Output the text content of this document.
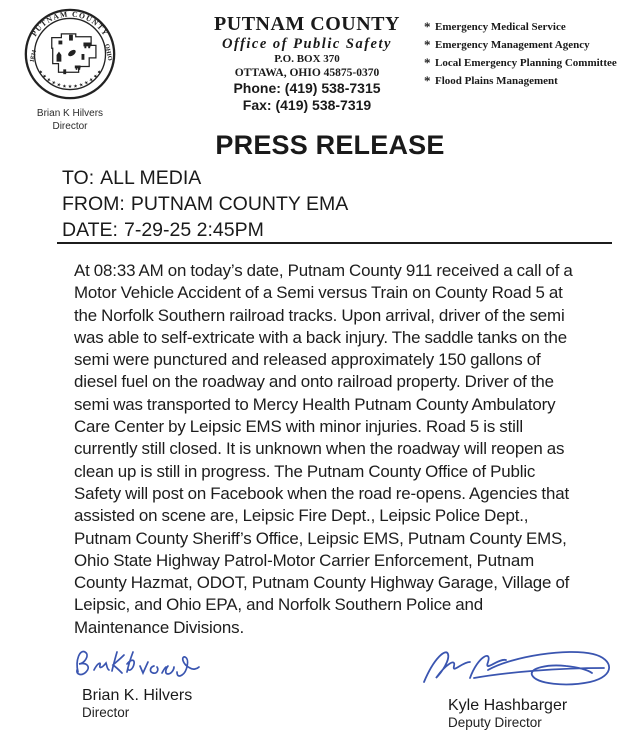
PUTNAM COUNTY
1834	OHIO
★ ★ ★ ★ ★ ★ ★ ★ ★ ★ ★ ★ ★
Brian K Hilvers
Director
PUTNAM COUNTY
Office of Public Safety
P.O. BOX 370
OTTAWA, OHIO 45875-0370
Phone: (419) 538-7315
Fax: (419) 538-7319
* Emergency Medical Service
* Emergency Management Agency
* Local Emergency Planning Committee
* Flood Plains Management
PRESS RELEASE
TO: ALL MEDIA
FROM: PUTNAM COUNTY EMA
DATE: 7-29-25 2:45PM
At 08:33 AM on today’s date, Putnam County 911 received a call of a Motor Vehicle Accident of a Semi versus Train on County Road 5 at the Norfolk Southern railroad tracks. Upon arrival, driver of the semi was able to self-extricate with a back injury. The saddle tanks on the semi were punctured and released approximately 150 gallons of diesel fuel on the roadway and onto railroad property. Driver of the semi was transported to Mercy Health Putnam County Ambulatory Care Center by Leipsic EMS with minor injuries. Road 5 is still currently still closed. It is unknown when the roadway will reopen as clean up is still in progress. The Putnam County Office of Public Safety will post on Facebook when the road re-opens. Agencies that assisted on scene are, Leipsic Fire Dept., Leipsic Police Dept., Putnam County Sheriff’s Office, Leipsic EMS, Putnam County EMS, Ohio State Highway Patrol-Motor Carrier Enforcement, Putnam County Hazmat, ODOT, Putnam County Highway Garage, Village of Leipsic, and Ohio EPA, and Norfolk Southern Police and Maintenance Divisions.
Brian K. Hilvers
Director	Kyle Hashbarger
Deputy Director
